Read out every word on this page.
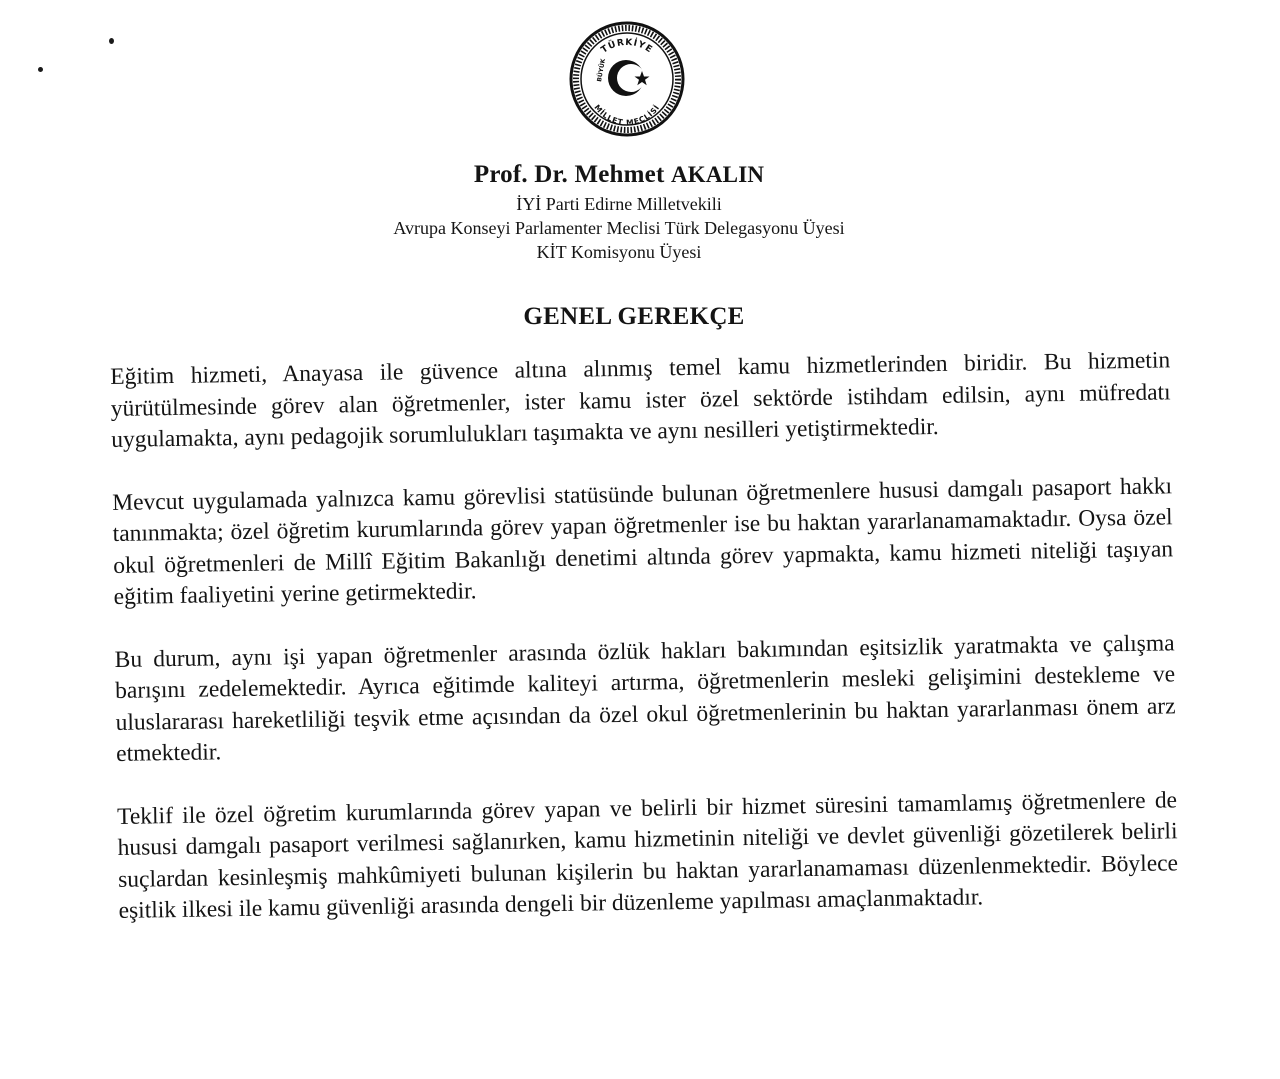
TÜRKİYE
MİLLET MECLİSİ
BÜYÜK
Prof. Dr. Mehmet AKALIN
İYİ Parti Edirne Milletvekili
Avrupa Konseyi Parlamenter Meclisi Türk Delegasyonu Üyesi
KİT Komisyonu Üyesi
GENEL GEREKÇE

Eğitim hizmeti, Anayasa ile güvence altına alınmış temel kamu hizmetlerinden biridir. Bu hizmetin yürütülmesinde görev alan öğretmenler, ister kamu ister özel sektörde istihdam edilsin, aynı müfredatı uygulamakta, aynı pedagojik sorumlulukları taşımakta ve aynı nesilleri yetiştirmektedir.

Mevcut uygulamada yalnızca kamu görevlisi statüsünde bulunan öğretmenlere hususi damgalı pasaport hakkı tanınmakta; özel öğretim kurumlarında görev yapan öğretmenler ise bu haktan yararlanamamaktadır. Oysa özel okul öğretmenleri de Millî Eğitim Bakanlığı denetimi altında görev yapmakta, kamu hizmeti niteliği taşıyan eğitim faaliyetini yerine getirmektedir.

Bu durum, aynı işi yapan öğretmenler arasında özlük hakları bakımından eşitsizlik yaratmakta ve çalışma barışını zedelemektedir. Ayrıca eğitimde kaliteyi artırma, öğretmenlerin mesleki gelişimini destekleme ve uluslararası hareketliliği teşvik etme açısından da özel okul öğretmenlerinin bu haktan yararlanması önem arz etmektedir.

Teklif ile özel öğretim kurumlarında görev yapan ve belirli bir hizmet süresini tamamlamış öğretmenlere de hususi damgalı pasaport verilmesi sağlanırken, kamu hizmetinin niteliği ve devlet güvenliği gözetilerek belirli suçlardan kesinleşmiş mahkûmiyeti bulunan kişilerin bu haktan yararlanamaması düzenlenmektedir. Böylece eşitlik ilkesi ile kamu güvenliği arasında dengeli bir düzenleme yapılması amaçlanmaktadır.
